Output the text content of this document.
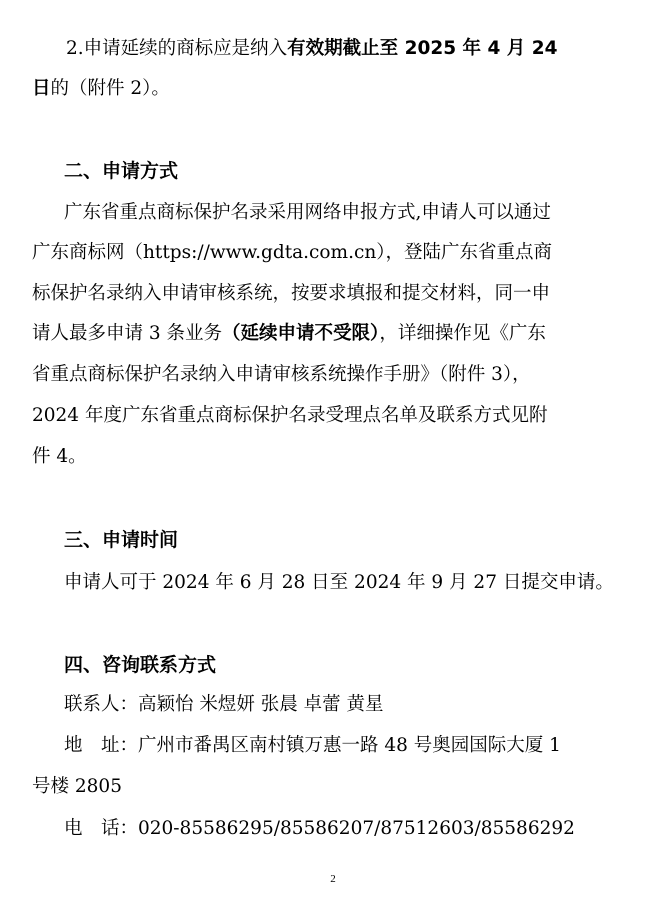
2.申请延续的商标应是纳入有效期截止至 2025 年 4 月 24
日的（附件 2）。
二、申请方式
广东省重点商标保护名录采用网络申报方式,申请人可以通过
广东商标网（https://www.gdta.com.cn），登陆广东省重点商
标保护名录纳入申请审核系统，按要求填报和提交材料，同一申
请人最多申请 3 条业务（延续申请不受限），详细操作见《广东
省重点商标保护名录纳入申请审核系统操作手册》（附件 3），
2024 年度广东省重点商标保护名录受理点名单及联系方式见附
件 4。
三、申请时间
申请人可于 2024 年 6 月 28 日至 2024 年 9 月 27 日提交申请。
四、咨询联系方式
联系人：高颖怡 米煜妍 张晨 卓蕾 黄星
地　址：广州市番禺区南村镇万惠一路 48 号奥园国际大厦 1
号楼 2805
电　话：020-85586295/85586207/87512603/85586292
2
